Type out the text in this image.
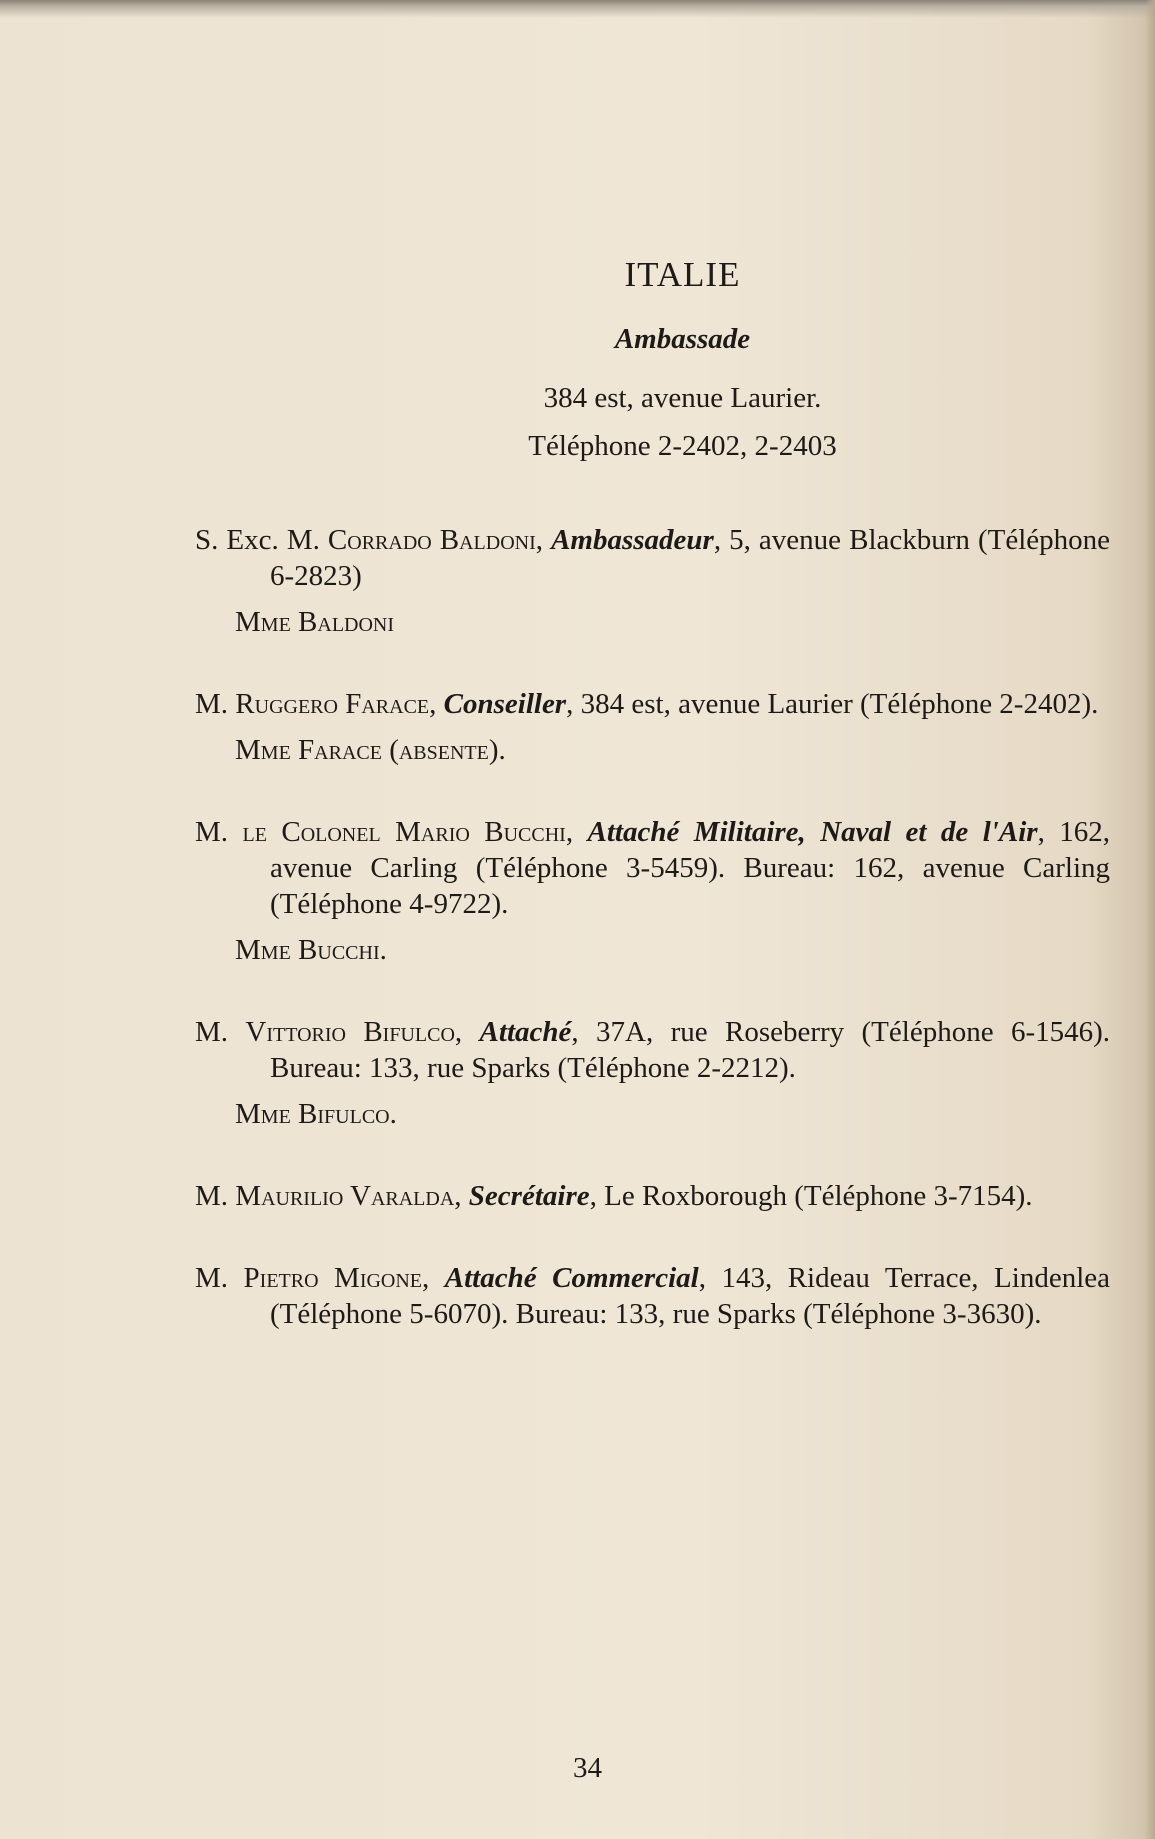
ITALIE
Ambassade
384 est, avenue Laurier.
Téléphone 2-2402, 2-2403
S. Exc. M. Corrado Baldoni, Ambassadeur, 5, avenue Blackburn (Téléphone 6-2823)
Mme Baldoni
M. Ruggero Farace, Conseiller, 384 est, avenue Laurier (Téléphone 2-2402).
Mme Farace (absente).
M. le Colonel Mario Bucchi, Attaché Militaire, Naval et de l'Air, 162, avenue Carling (Téléphone 3-5459). Bureau: 162, avenue Carling (Téléphone 4-9722).
Mme Bucchi.
M. Vittorio Bifulco, Attaché, 37A, rue Roseberry (Téléphone 6-1546). Bureau: 133, rue Sparks (Téléphone 2-2212).
Mme Bifulco.
M. Maurilio Varalda, Secrétaire, Le Roxborough (Téléphone 3-7154).
M. Pietro Migone, Attaché Commercial, 143, Rideau Terrace, Lindenlea (Téléphone 5-6070). Bureau: 133, rue Sparks (Téléphone 3-3630).
34
